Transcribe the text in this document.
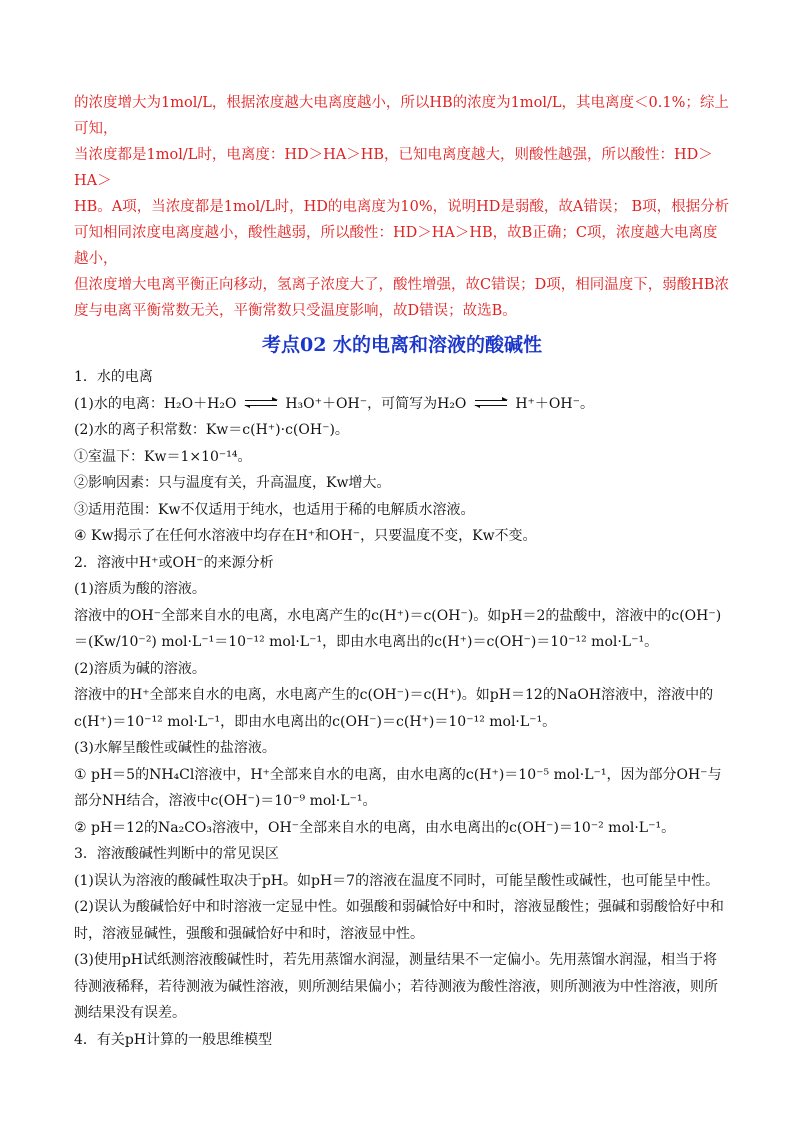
的浓度增大为1mol/L，根据浓度越大电离度越小，所以HB的浓度为1mol/L，其电离度＜0.1%；综上可知，

当浓度都是1mol/L时，电离度：HD＞HA＞HB，已知电离度越大，则酸性越强，所以酸性：HD＞HA＞

HB。A项，当浓度都是1mol/L时，HD的电离度为10%，说明HD是弱酸，故A错误； B项，根据分析

可知相同浓度电离度越小，酸性越弱，所以酸性：HD＞HA＞HB，故B正确；C项，浓度越大电离度越小，

但浓度增大电离平衡正向移动，氢离子浓度大了，酸性增强，故C错误；D项，相同温度下，弱酸HB浓

度与电离平衡常数无关，平衡常数只受温度影响，故D错误；故选B。

考点02 水的电离和溶液的酸碱性

1．水的电离

(1)水的电离：H₂O＋H₂O ⇌ H₃O⁺＋OH⁻，可简写为H₂O ⇌ H⁺＋OH⁻。

(2)水的离子积常数：Kw＝c(H⁺)·c(OH⁻)。

①室温下：Kw＝1×10⁻¹⁴。

②影响因素：只与温度有关，升高温度，Kw增大。

③适用范围：Kw不仅适用于纯水，也适用于稀的电解质水溶液。

④ Kw揭示了在任何水溶液中均存在H⁺和OH⁻，只要温度不变，Kw不变。

2．溶液中H⁺或OH⁻的来源分析

(1)溶质为酸的溶液。

溶液中的OH⁻全部来自水的电离，水电离产生的c(H⁺)＝c(OH⁻)。如pH＝2的盐酸中，溶液中的c(OH⁻)＝(Kw/10⁻²) mol·L⁻¹＝10⁻¹² mol·L⁻¹，即由水电离出的c(H⁺)＝c(OH⁻)＝10⁻¹² mol·L⁻¹。

(2)溶质为碱的溶液。

溶液中的H⁺全部来自水的电离，水电离产生的c(OH⁻)＝c(H⁺)。如pH＝12的NaOH溶液中，溶液中的c(H⁺)＝10⁻¹² mol·L⁻¹，即由水电离出的c(OH⁻)＝c(H⁺)＝10⁻¹² mol·L⁻¹。

(3)水解呈酸性或碱性的盐溶液。

① pH＝5的NH₄Cl溶液中，H⁺全部来自水的电离，由水电离的c(H⁺)＝10⁻⁵ mol·L⁻¹，因为部分OH⁻与部分NH结合，溶液中c(OH⁻)＝10⁻⁹ mol·L⁻¹。

② pH＝12的Na₂CO₃溶液中，OH⁻全部来自水的电离，由水电离出的c(OH⁻)＝10⁻² mol·L⁻¹。

3．溶液酸碱性判断中的常见误区

(1)误认为溶液的酸碱性取决于pH。如pH＝7的溶液在温度不同时，可能呈酸性或碱性，也可能呈中性。

(2)误认为酸碱恰好中和时溶液一定显中性。如强酸和弱碱恰好中和时，溶液显酸性；强碱和弱酸恰好中和时，溶液显碱性，强酸和强碱恰好中和时，溶液显中性。

(3)使用pH试纸测溶液酸碱性时，若先用蒸馏水润湿，测量结果不一定偏小。先用蒸馏水润湿，相当于将待测液稀释，若待测液为碱性溶液，则所测结果偏小；若待测液为酸性溶液，则所测液为中性溶液，则所测结果没有误差。

4．有关pH计算的一般思维模型
